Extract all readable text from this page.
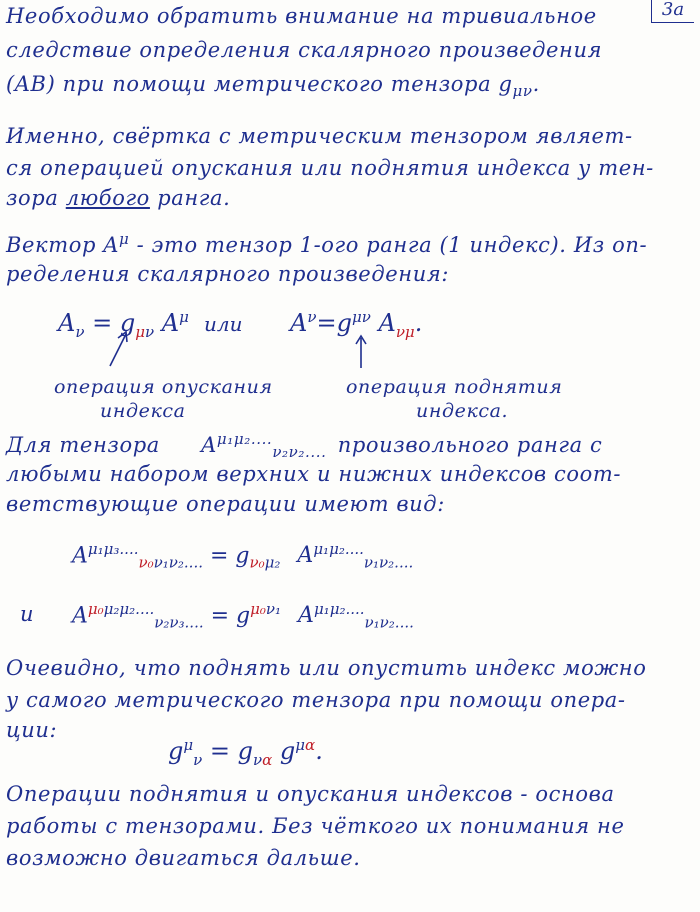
3a
Необходимо обратить внимание на тривиальное
следствие определения скалярного произведения
(AB) при помощи метрического тензора $g_{\mu\nu}$.
Именно, свёртка с метрическим тензором являет-
ся операцией опускания или поднятия индекса у тен-
зора любого ранга.
Вектор $A^\mu$ - это тензор 1-ого ранга (1 индекс). Из оп-
ределения скалярного произведения:
$A_\nu = g_{\mu\nu}$ $A^\mu$ или $A^\nu=g^{\mu\nu}$ $A_{\nu\mu}$.
операция опускания
индекса
операция поднятия
индекса.
Для тензора $A^{\mu_1\mu_2....}_{\nu_2\nu_2....}$ произвольного ранга с
любыми набором верхних и нижних индексов соот-
ветствующие операции имеют вид:
$A^{\mu_1\mu_3....}_{\nu_0\nu_1\nu_2....} = g_{\nu_0\mu_2}$ $A^{\mu_1\mu_2....}_{\nu_1\nu_2....}$
и $A^{\mu_0\mu_2\mu_2....}_{\nu_2\nu_3....} = g^{\mu_0\nu_1}$ $A^{\mu_1\mu_2....}_{\nu_1\nu_2....}$
Очевидно, что поднять или опустить индекс можно
у самого метрического тензора при помощи опера-
ции:
$g^\mu_\nu = g_{\nu\alpha}$ $g^{\mu\alpha}$.
Операции поднятия и опускания индексов - основа
работы с тензорами. Без чёткого их понимания не
возможно двигаться дальше.
